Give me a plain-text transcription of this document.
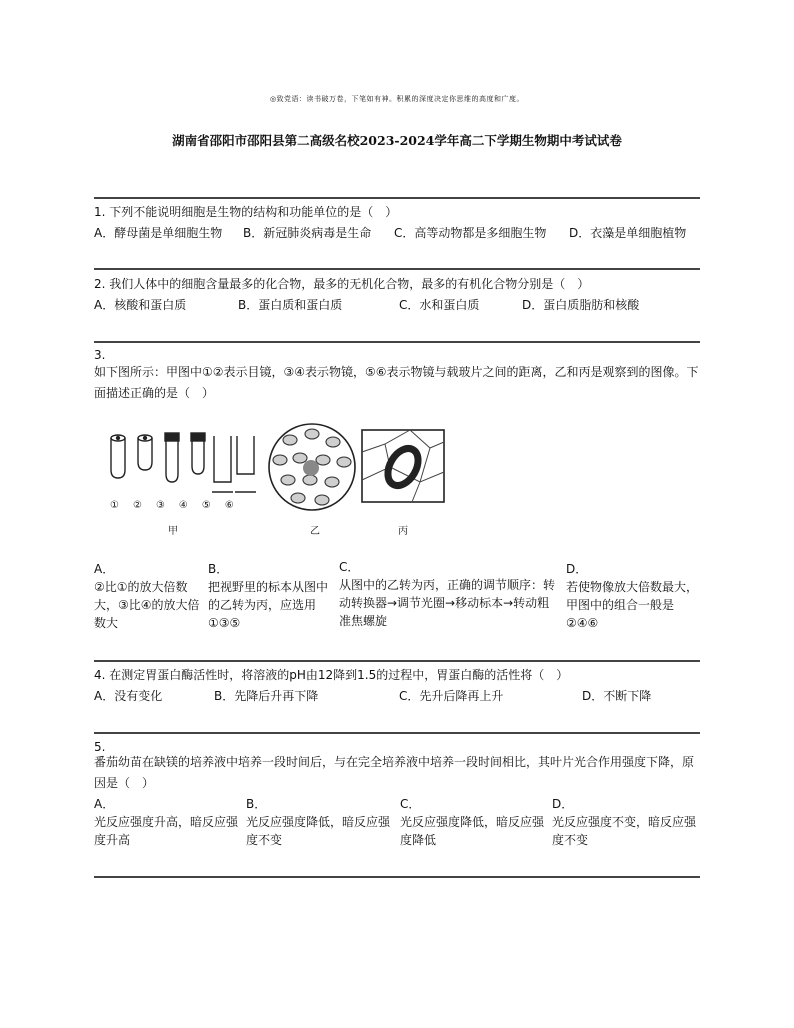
◎致党语：读书破万卷，下笔如有神。积累的深度决定你思维的高度和广度。
湖南省邵阳市邵阳县第二高级名校2023-2024学年高二下学期生物期中考试试卷
1. 下列不能说明细胞是生物的结构和功能单位的是（　）
A．酵母菌是单细胞生物 B．新冠肺炎病毒是生命 C．高等动物都是多细胞生物 D．衣藻是单细胞植物
2. 我们人体中的细胞含量最多的化合物，最多的无机化合物，最多的有机化合物分别是（　）
A．核酸和蛋白质	B．蛋白质和蛋白质	C．水和蛋白质	D．蛋白质脂肪和核酸
3.
如下图所示：甲图中①②表示目镜，③④表示物镜，⑤⑥表示物镜与载玻片之间的距离，乙和丙是观察到的图像。下面描述正确的是（　）
①②③④⑤⑥
甲	乙	丙
A．
②比①的放大倍数大，③比④的放大倍数大
B．
把视野里的标本从图中的乙转为丙，应选用①③⑤
C．
从图中的乙转为丙，正确的调节顺序：转动转换器→调节光圈→移动标本→转动粗准焦螺旋
D．
若使物像放大倍数最大，甲图中的组合一般是②④⑥
4. 在测定胃蛋白酶活性时，将溶液的pH由12降到1.5的过程中，胃蛋白酶的活性将（　）
A．没有变化	B．先降后升再下降	C．先升后降再上升	D．不断下降
5.
番茄幼苗在缺镁的培养液中培养一段时间后，与在完全培养液中培养一段时间相比，其叶片光合作用强度下降，原因是（　）
A．
光反应强度升高，暗反应强度升高
B．
光反应强度降低，暗反应强度不变
C．
光反应强度降低，暗反应强度降低
D．
光反应强度不变，暗反应强度不变
